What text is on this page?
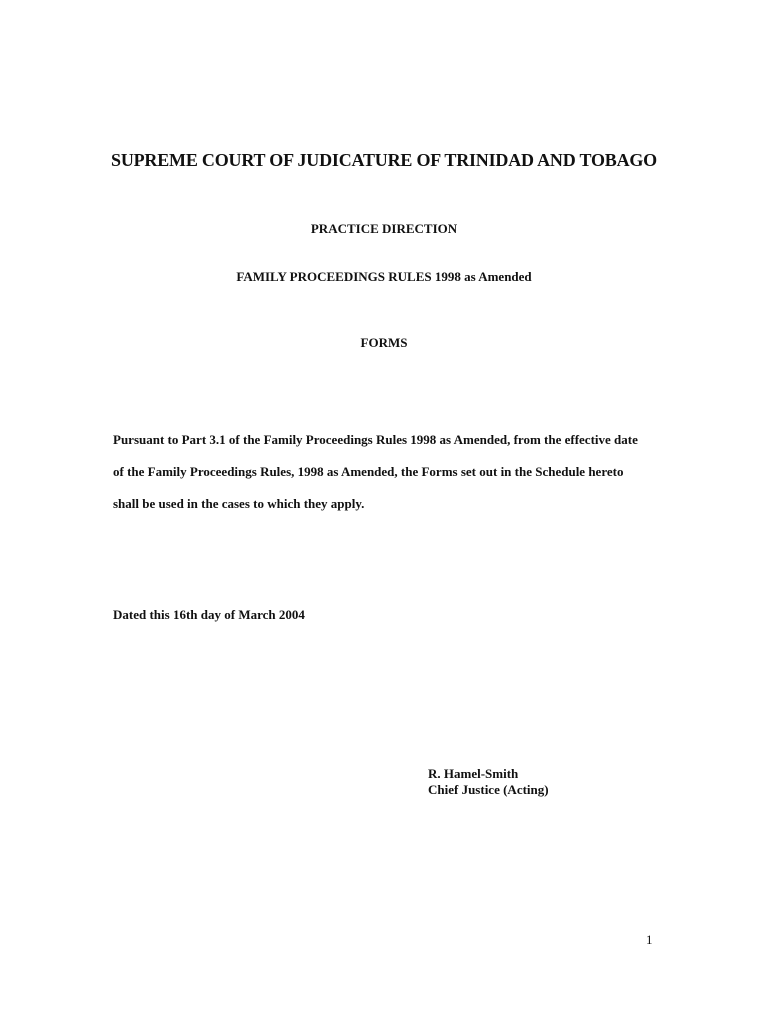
SUPREME COURT OF JUDICATURE OF TRINIDAD AND TOBAGO
PRACTICE DIRECTION
FAMILY PROCEEDINGS RULES 1998 as Amended
FORMS
Pursuant to Part 3.1 of the Family Proceedings Rules 1998 as Amended, from the effective date
of the Family Proceedings Rules, 1998 as Amended, the Forms set out in the Schedule hereto
shall be used in the cases to which they apply.
Dated this 16th day of March 2004
R. Hamel-Smith
Chief Justice (Acting)
1
